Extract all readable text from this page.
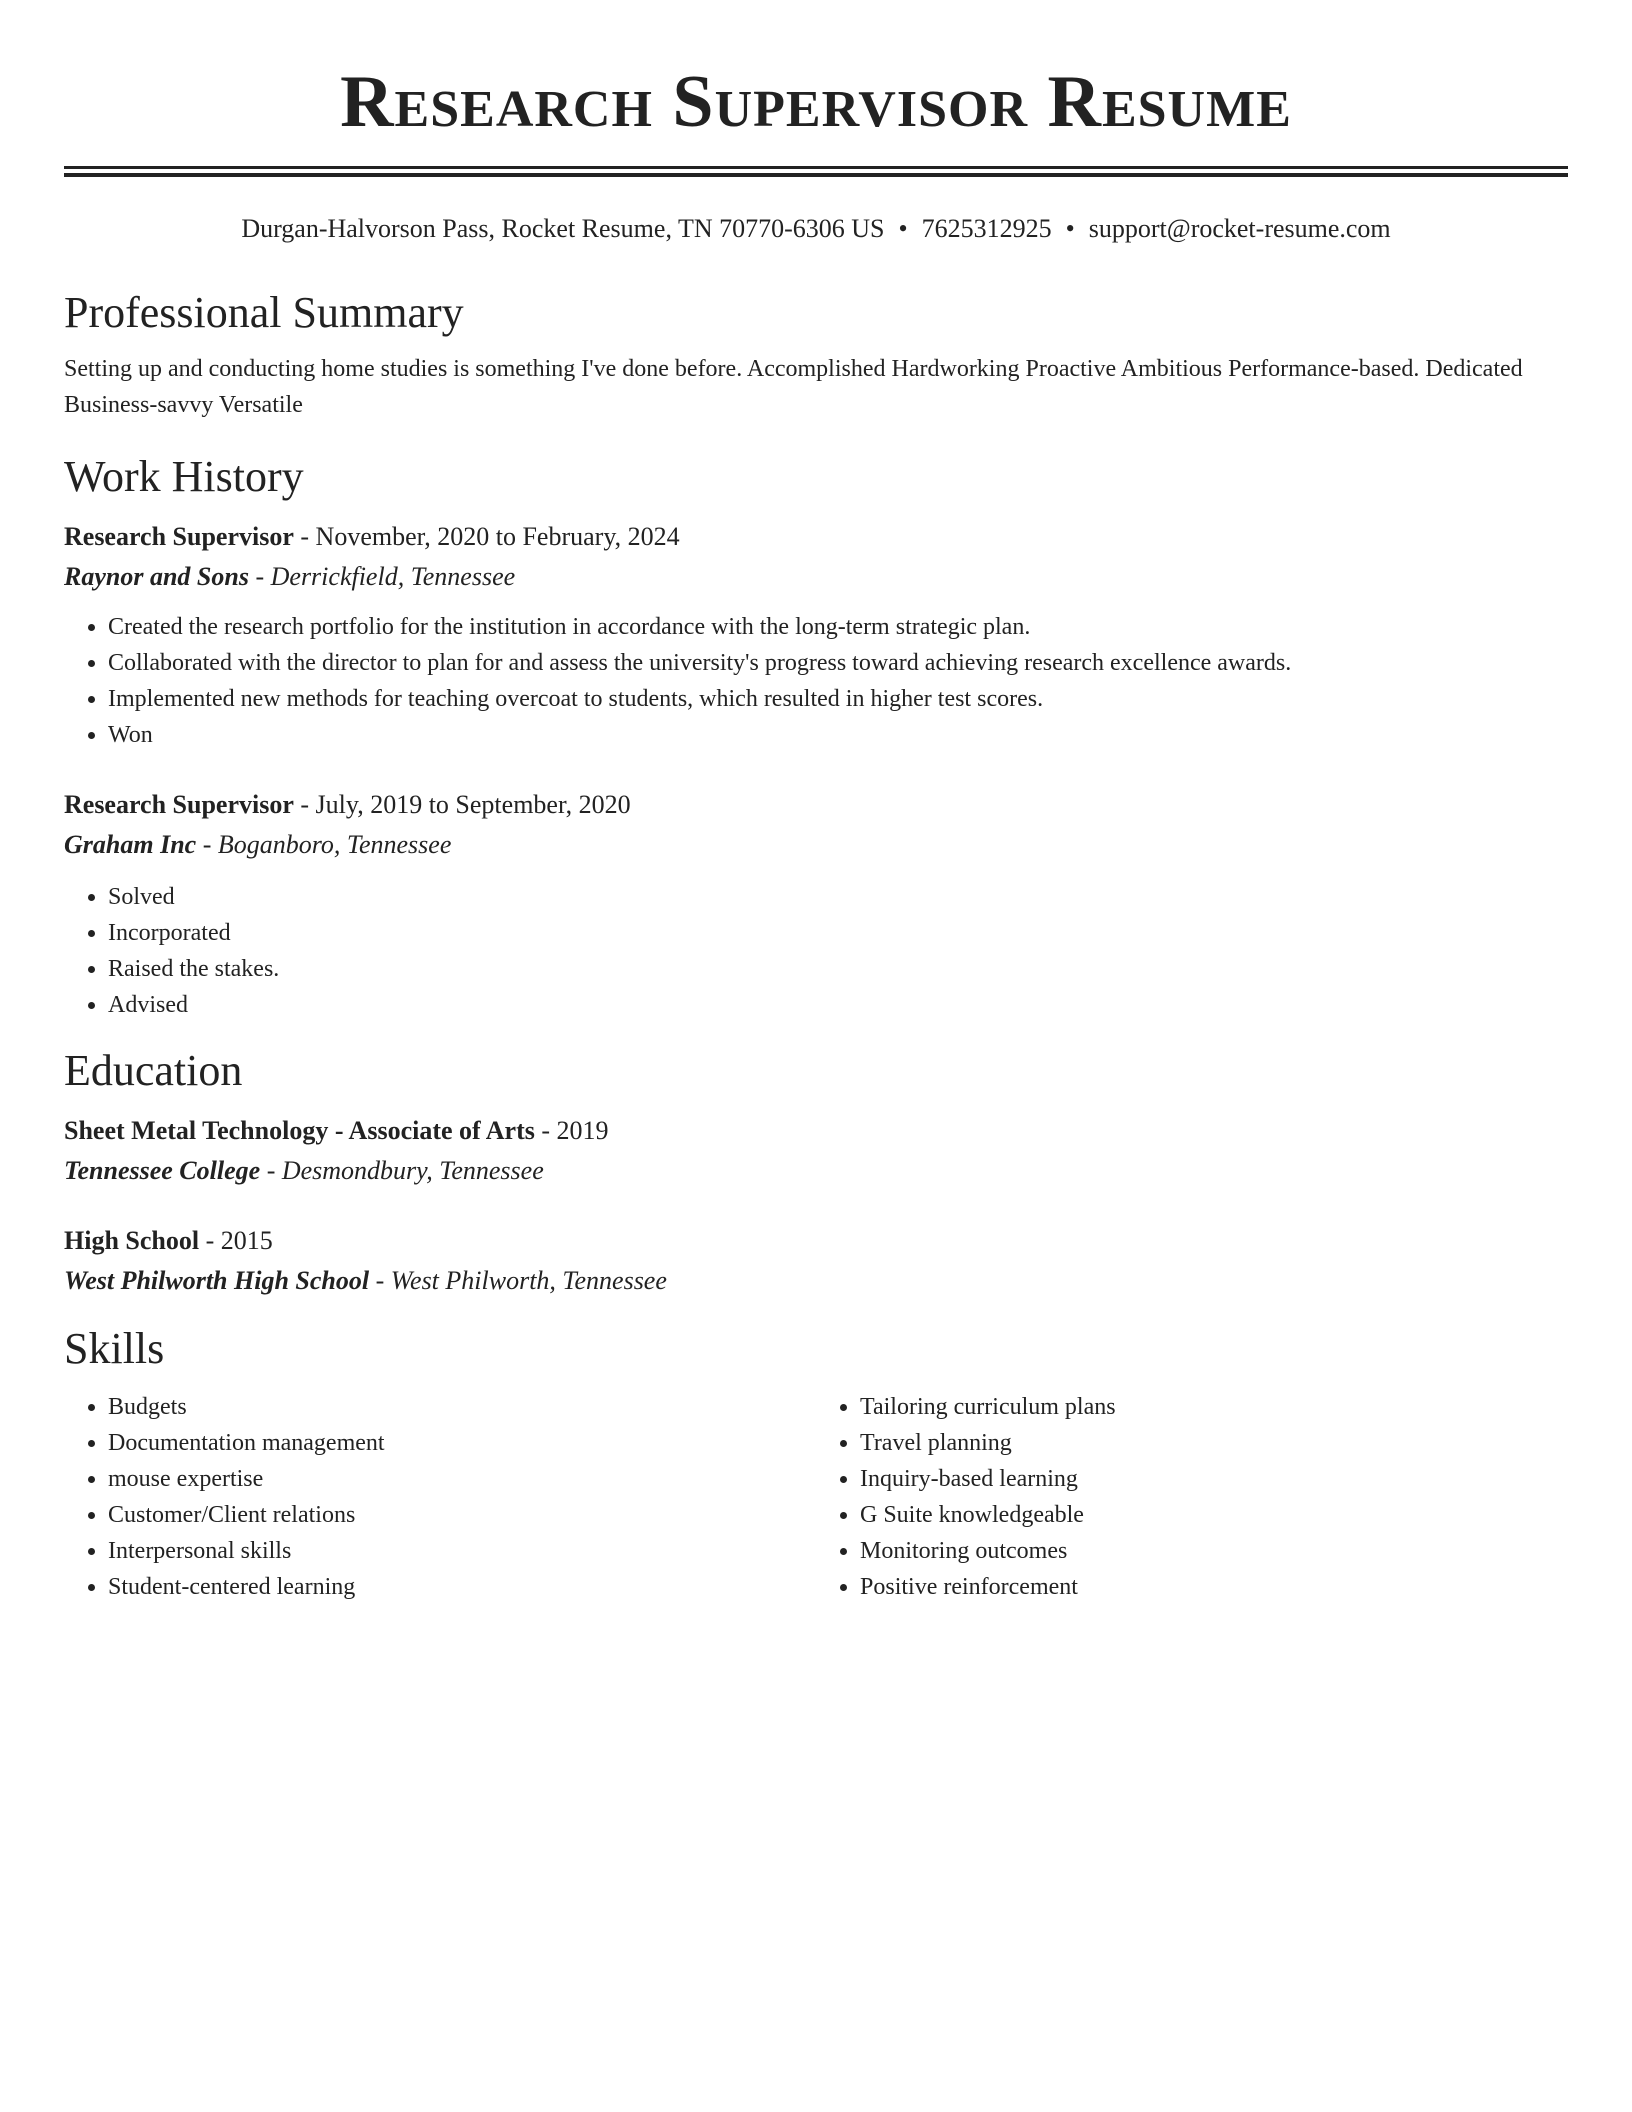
Research Supervisor Resume
Durgan-Halvorson Pass, Rocket Resume, TN 70770-6306 US • 7625312925 • support@rocket-resume.com
Professional Summary
Setting up and conducting home studies is something I've done before. Accomplished Hardworking Proactive Ambitious Performance-based. Dedicated Business-savvy Versatile
Work History
Research Supervisor - November, 2020 to February, 2024
Raynor and Sons - Derrickfield, Tennessee
• Created the research portfolio for the institution in accordance with the long-term strategic plan.
• Collaborated with the director to plan for and assess the university's progress toward achieving research excellence awards.
• Implemented new methods for teaching overcoat to students, which resulted in higher test scores.
• Won
Research Supervisor - July, 2019 to September, 2020
Graham Inc - Boganboro, Tennessee
• Solved
• Incorporated
• Raised the stakes.
• Advised
Education
Sheet Metal Technology - Associate of Arts - 2019
Tennessee College - Desmondbury, Tennessee
High School - 2015
West Philworth High School - West Philworth, Tennessee
Skills
• Budgets
• Documentation management
• mouse expertise
• Customer/Client relations
• Interpersonal skills
• Student-centered learning
• Tailoring curriculum plans
• Travel planning
• Inquiry-based learning
• G Suite knowledgeable
• Monitoring outcomes
• Positive reinforcement
